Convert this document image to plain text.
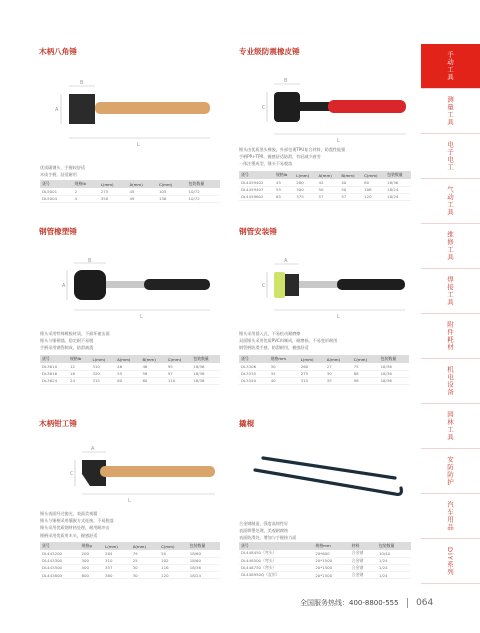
手动工具
测量工具
电子电工
气动工具
维修工具
焊接工具
附件耗材
机电设备
园林工具
安防防护
汽车用品
DIY系列
木柄八角锤
B
A
L
优质碳钢头，手握较舒适
木质手柄，舒适耐用
货号	规格lb	L(mm)	A(mm)	C(mm)	包装数量
DL5001	2	275	45	105	10/72
DL5004	4	350	49	136	10/72
专业级防震橡皮锤
B
C
L
锤头由优质黑头橡胶，外部包裹TPU复合材料，防震性能强
手柄PP+TPR，握感舒适防滑，有轻减少疲劳
一体注塑成型，锤头不易脱落
货号	规格lb	L(mm)	A(mm)	B(mm)	C(mm)	包装数量
DL4459402	45	280	42	40	80	18/36
DL4459407	55	300	50	50	108	18/24
DL4459602	65	375	57	57	120	18/24
钢管橡塑锤
B
A
L
锤头采用特殊橡胶材质，不损坏被击面
锤头与锤柄插，稳定耐不易脱
手柄采用钢管制成，防滑减震
货号	规格lb	L(mm)	A(mm)	B(mm)	C(mm)	包装数量
DL3610	12	310	46	46	95	18/36
DL3616	16	320	55	58	97	18/36
DL3624	24	315	60	60	110	18/36
钢管安装锤
A
C
L
锤头采用插入式，不易松动耐磨擦
双面锤头采用优质PVC料制成，耐磨损，不易变形耐用
钢管柄防滑手感，防滑耐用，握感舒适
货号	规格mm	L(mm)	A(mm)	C(mm)	包装数量
DL3306	30	260	27	75	18/36
DL3335	35	275	30	88	18/36
DL3340	40	315	35	96	18/36
木柄钳工锤
A
C
L
锤头表面经过抛光，表面美观精
锤头与锤柄采用镶嵌方式连接，不易脱落
锤头采用优质钢材热处理，耐用耐冲击
锤柄采用优质用木头，握感舒适
货号	规格g	L(mm)	A(mm)	C(mm)	包装数量
DL443200	200	284	79	50	18/60
DL443300	300	310	25	102	18/60
DL443500	500	357	30	116	18/36
DL443800	800	380	30	120	18/24
撬棍
合金钢制造，强度高韧性好
表面喷塑处理，美观耐腐蚀
表面防滑处，增加与手握接力面
货号	规格mm	材料	包装数量
DL448450（弯头）	20*600	合金钢	10/40
DL448500（弯头）	20*1500	合金钢	1/24
DL448750（弯头）	20*1500	合金钢	1/24
DL448950Q（直形）	20*1500	合金钢	1/24
全国服务热线：400-8800-555 064
